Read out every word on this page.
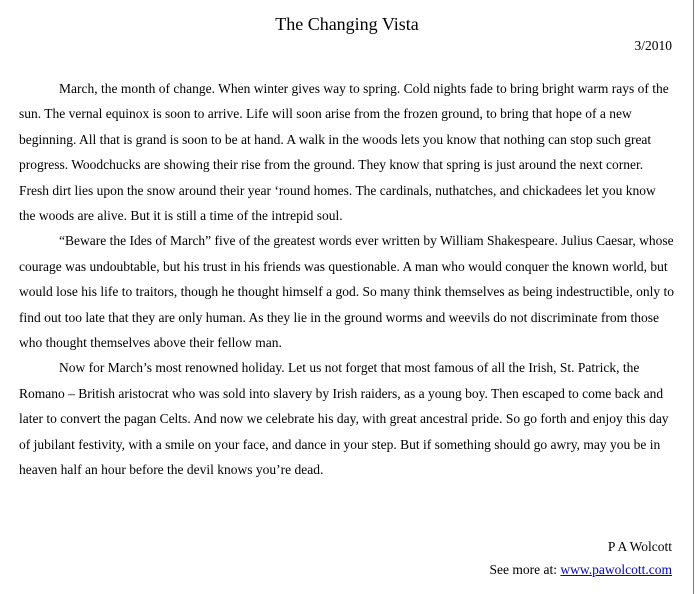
The Changing Vista
3/2010

March, the month of change. When winter gives way to spring. Cold nights fade to bring bright warm rays of the sun. The vernal equinox is soon to arrive. Life will soon arise from the frozen ground, to bring that hope of a new beginning. All that is grand is soon to be at hand. A walk in the woods lets you know that nothing can stop such great progress. Woodchucks are showing their rise from the ground. They know that spring is just around the next corner. Fresh dirt lies upon the snow around their year ‘round homes. The cardinals, nuthatches, and chickadees let you know the woods are alive. But it is still a time of the intrepid soul.

“Beware the Ides of March” five of the greatest words ever written by William Shakespeare. Julius Caesar, whose courage was undoubtable, but his trust in his friends was questionable. A man who would conquer the known world, but would lose his life to traitors, though he thought himself a god. So many think themselves as being indestructible, only to find out too late that they are only human. As they lie in the ground worms and weevils do not discriminate from those who thought themselves above their fellow man.

Now for March’s most renowned holiday. Let us not forget that most famous of all the Irish, St. Patrick, the Romano – British aristocrat who was sold into slavery by Irish raiders, as a young boy. Then escaped to come back and later to convert the pagan Celts. And now we celebrate his day, with great ancestral pride. So go forth and enjoy this day of jubilant festivity, with a smile on your face, and dance in your step. But if something should go awry, may you be in heaven half an hour before the devil knows you’re dead.

P A Wolcott
See more at: www.pawolcott.com
